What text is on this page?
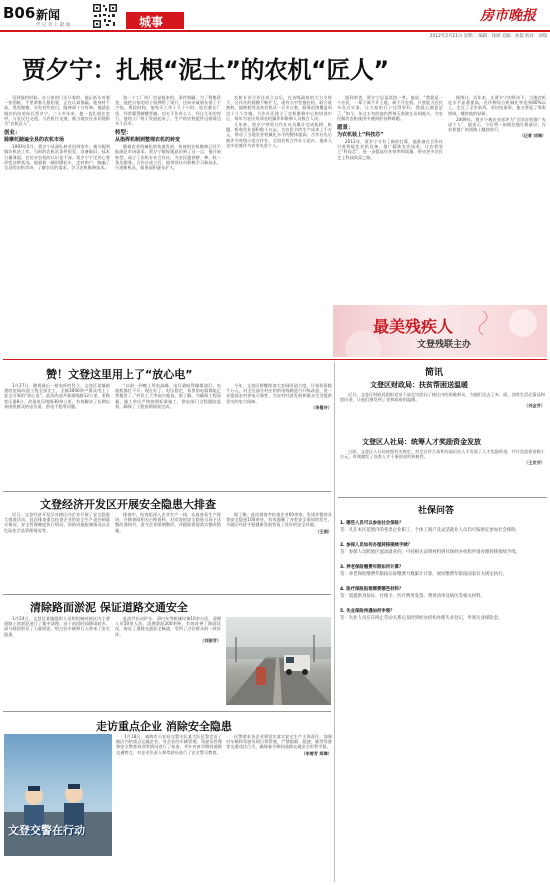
B06 新闻
代 记 者 上 最 线	城事	房市晚报
2012年2月21日 星期二 编辑：钱斌 美编：孙磊 校对：刘瑞
贾夕宁：扎根“泥土”的农机“匠人”

见到他的时候，办公室的门关开着的，他正低头对着一张图纸，手里拿着几根铅笔，正在认真推敲。他身材不高，黑黑瘦瘦，头发有些花白，眼神却十分有神。他就是镇农机站的站长贾夕宁。三十多年来，他一直扎根在农村，与农民打交道，与农机打交道，被当地农民亲切地称为“农机匠人”。

创业：
骑摩托踏遍全县的农机市场

1993年5月，贾夕宁从部队转业回到家乡，被分配到镇农机站工作。当时的农机站条件很差，设备陈旧，技术力量薄弱，农民对农机的认识也不深。贾夕宁下定决心要改变这种状况。他骑着一辆旧摩托车，走村串户，跑遍了全县的农机市场，了解农民的需求，学习农机维修技术。

第一个工厂的厂房是租来的，条件简陋。为了筹集资金，他把自家的房子抵押给了银行，还向亲戚朋友借了不少钱。那段时间，他每天工作十几个小时，吃住都在厂里，经常累得腰酸背痛。功夫不负有心人，经过几年的努力，他的工厂终于发展起来了，生产的农机配件远销周边多个县市。

转型：
从指挥机制到整理农机的转变

随着农业机械化的快速发展，传统的农机维修已经不能满足市场需求。贾夕宁敏锐地意识到了这一点，他开始转型，成立了农机专业合作社，为农民提供耕、种、收一条龙服务。合作社成立后，他带领社员积极学习新技术，引进新机具，服务面积逐年扩大。

农机专业合作社成立以后，在各级政府的大力支持下，合作社的规模不断扩大，现有大中型拖拉机、联合收割机、插秧机等各类农机具一百多台套，服务范围覆盖周边十几个乡镇。合作社还建立了农机维修中心和培训中心，每年为农民培训农机操作和维修人员数百人次。

几年来，贾夕宁带领合作社社员累计完成机耕、机播、机收作业面积数十万亩，为农民节约生产成本上千万元，带动了当地农业机械化水平的整体提高。合作社先后被评为省级示范合作社、全国农机合作社示范社，他本人也多次被评为省市先进个人。

提到荣誉，贾夕宁总是淡淡一笑。他说：“我就是一个农民，一辈子离不开土地，离不开农机。只要能为农民多办点实事，让大家的日子过得更好，我就心满意足了。”如今，年过五旬的他仍然每天奔波在田间地头，为农民解决农机使用中遇到的各种难题。

愿景：
为农机装上“科技芯”

2012年，贾夕宁又有了新的打算，他准备在合作社引进智能化农机设备，推广精准农业技术，让农机装上“科技芯”，进一步提高作业效率和质量，带动更多农民走上科技致富之路。

据统计，近年来，在贾夕宁的带动下，当地农机化水平显著提高，农作物综合机械化率达到80%以上，走在了全市前列。采访结束时，他又拿起了那张图纸，继续他的钻研。

2009年，贾夕宁被农业部评为“全国农机推广先进个人”，他表示，今后将一如既往地扎根基层，在农机推广的道路上继续前行。

（记者 刘瑞）
最美残疾人
文登残联主办
赞！文登这里用上了“放心电”

1月27日，随着最后一根电杆的竖立，文登区某镇新建的农网改造工程全部完工，全镇3000余户群众用上了安全可靠的“放心电”。此次改造共新建线路12公里，更换变压器8台，改造低压线路30余公里，有效解决了长期以来困扰群众的电压低、供电不稳等问题。

“以前一到晚上用电高峰，电灯就暗得像煤油灯，电视机都打不开。现在好了，电压稳定，家里的电器都能正常使用了。”村民王大爷高兴地说。据了解，为确保工程质量，施工单位严格按照标准施工，供电部门全程跟踪监督，确保了工程按期保质完成。

今年，文登区将继续加大农网改造力度，计划投资数千万元，对全区部分村庄的供电线路进行升级改造，进一步提高农村供电可靠性，为农村经济发展和群众生活提供坚实的电力保障。

（李曼玲）
文登经济开发区开展安全隐患大排查

近日，文登经济开发区对辖区内企业开展了安全隐患大排查活动。此次排查重点检查企业的安全生产责任制落实情况、安全管理制度执行情况、消防设施配备情况以及危险化学品管理情况等。

排查中，检查组深入企业生产一线，认真查看生产现场，仔细查阅相关台账资料，对发现的安全隐患当场下达整改通知书，责令企业限期整改，并跟踪督促落实整改措施。

据了解，此次排查共检查企业60余家，发现并整改各类安全隐患100余处，有效遏制了各类安全事故的发生，为辖区经济平稳健康发展营造了良好的安全环境。

（王娟）
清除路面淤泥 保证道路交通安全

1月24日，文登区某镇组织人员和机械对辖区内主要道路上的淤泥进行了集中清理。由于前段时间降雨较多，部分路段积存了大量淤泥，给过往车辆和行人带来了安全隐患。

此次共出动铲车、清扫车等机械设备10余台次，清理人员50余人次，清理淤泥200余吨，有效改善了路面状况，保证了道路交通安全畅通，受到了过往群众的一致好评。

（刘丽芳）
走访重点企业 消除安全隐患
文登交警在行动

1月18日，威海市公安局交警支队某大队民警走访了辖区内的重点运输企业，对企业的车辆管理、驾驶员管理和安全教育培训等情况进行了检查，并针对春节期间道路交通特点，对企业负责人和驾驶员进行了安全警示教育。

民警要求各企业要切实落实安全生产主体责任，加强对车辆和驾驶员的日常管理，严禁超载、超速、疲劳驾驶等交通违法行为，确保春节期间道路交通安全形势平稳。

（李雪芳 郑琳）
简讯
文登区财政局：扶贫帮困送温暖

近日，文登区财政局组织党员干部走访慰问了辖区内的困难群众，为他们送去了米、面、油等生活必需品和慰问金，让他们感受到了党和政府的温暖。

（刘金芳）
文登区人社局：统筹人才奖励资金发放

日前，文登区人社局按照有关规定，对全区符合条件的高层次人才发放了人才奖励资金，共计发放资金数十万元，有效激发了各类人才干事创业的积极性。

（王发芳）
社保问答
1. 哪些人员可以参加社会保险？
答：凡在本区范围内的各类企业职工、个体工商户及灵活就业人员均可按规定参加社会保险。
2. 参保人员如何办理转移接续手续？
答：参保人员跨地区流动就业的，可持相关证明材料到社保经办机构申请办理转移接续手续。
3. 养老保险缴费年限如何计算？
答：养老保险缴费年限按实际缴费月数累计计算，视同缴费年限按国家有关规定执行。
4. 医疗保险报销需要哪些材料？
答：需提供身份证、社保卡、医疗费用发票、费用清单及病历等相关材料。
5. 失业保险待遇如何申领？
答：失业人员应在终止劳动关系后及时到经办机构办理失业登记，申领失业保险金。
